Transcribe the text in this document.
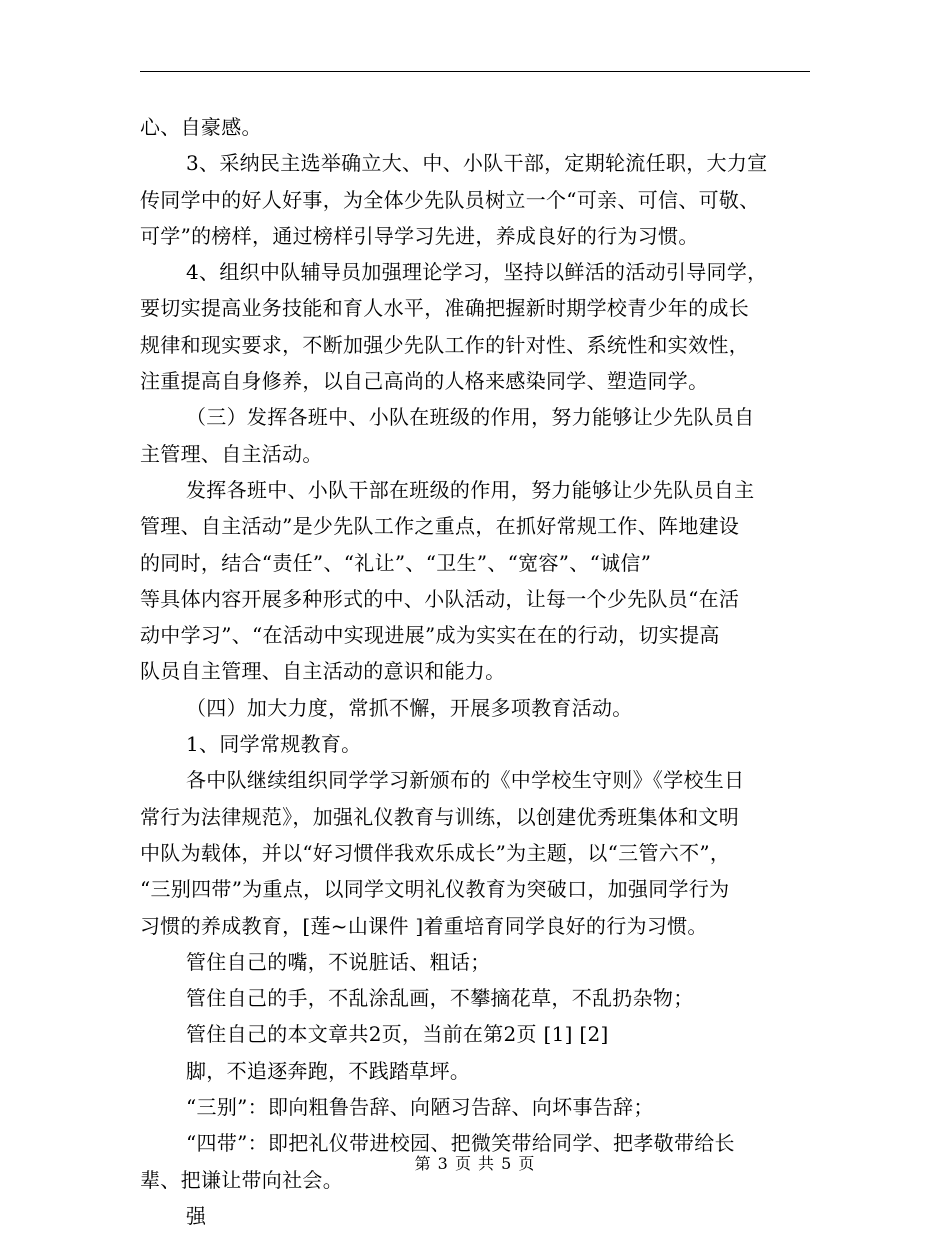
心、自豪感。
3、采纳民主选举确立大、中、小队干部，定期轮流任职，大力宣
传同学中的好人好事，为全体少先队员树立一个“可亲、可信、可敬、
可学”的榜样，通过榜样引导学习先进，养成良好的行为习惯。
4、组织中队辅导员加强理论学习，坚持以鲜活的活动引导同学，
要切实提高业务技能和育人水平，准确把握新时期学校青少年的成长
规律和现实要求，不断加强少先队工作的针对性、系统性和实效性，
注重提高自身修养，以自己高尚的人格来感染同学、塑造同学。
（三）发挥各班中、小队在班级的作用，努力能够让少先队员自
主管理、自主活动。
发挥各班中、小队干部在班级的作用，努力能够让少先队员自主
管理、自主活动”是少先队工作之重点，在抓好常规工作、阵地建设
的同时，结合“责任”、“礼让”、“卫生”、“宽容”、“诚信”
等具体内容开展多种形式的中、小队活动，让每一个少先队员“在活
动中学习”、“在活动中实现进展”成为实实在在的行动，切实提高
队员自主管理、自主活动的意识和能力。
（四）加大力度，常抓不懈，开展多项教育活动。
1、同学常规教育。
各中队继续组织同学学习新颁布的《中学校生守则》《学校生日
常行为法律规范》，加强礼仪教育与训练，以创建优秀班集体和文明
中队为载体，并以“好习惯伴我欢乐成长”为主题，以“三管六不”，
“三别四带”为重点，以同学文明礼仪教育为突破口，加强同学行为
习惯的养成教育，[莲~山课件 ]着重培育同学良好的行为习惯。
管住自己的嘴，不说脏话、粗话；
管住自己的手，不乱涂乱画，不攀摘花草，不乱扔杂物；
管住自己的本文章共2页，当前在第2页 [1] [2]
脚，不追逐奔跑，不践踏草坪。
“三别”：即向粗鲁告辞、向陋习告辞、向坏事告辞；
“四带”：即把礼仪带进校园、把微笑带给同学、把孝敬带给长
辈、把谦让带向社会。
强
第 3 页 共 5 页
